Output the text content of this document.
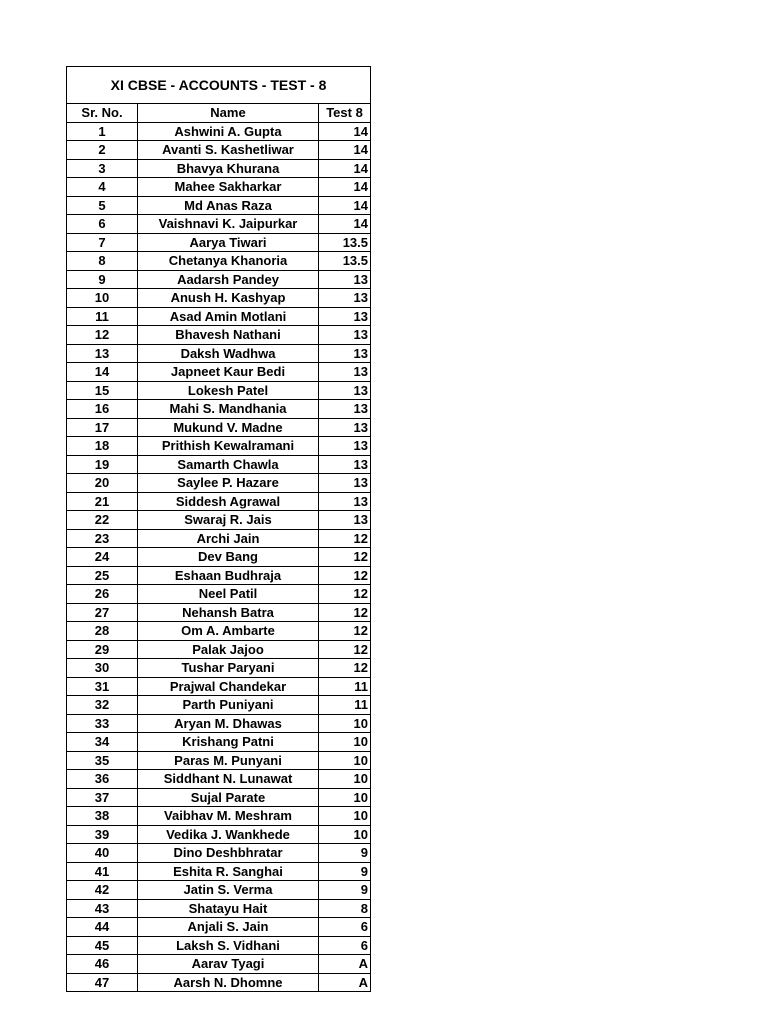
XI CBSE - ACCOUNTS - TEST - 8
Sr. No.	Name	Test 8
1	Ashwini A. Gupta	14
2	Avanti S. Kashetliwar	14
3	Bhavya Khurana	14
4	Mahee Sakharkar	14
5	Md Anas Raza	14
6	Vaishnavi K. Jaipurkar	14
7	Aarya Tiwari	13.5
8	Chetanya Khanoria	13.5
9	Aadarsh Pandey	13
10	Anush H. Kashyap	13
11	Asad Amin Motlani	13
12	Bhavesh Nathani	13
13	Daksh Wadhwa	13
14	Japneet Kaur Bedi	13
15	Lokesh Patel	13
16	Mahi S. Mandhania	13
17	Mukund V. Madne	13
18	Prithish Kewalramani	13
19	Samarth Chawla	13
20	Saylee P. Hazare	13
21	Siddesh Agrawal	13
22	Swaraj R. Jais	13
23	Archi Jain	12
24	Dev Bang	12
25	Eshaan Budhraja	12
26	Neel Patil	12
27	Nehansh Batra	12
28	Om A. Ambarte	12
29	Palak Jajoo	12
30	Tushar Paryani	12
31	Prajwal Chandekar	11
32	Parth Puniyani	11
33	Aryan M. Dhawas	10
34	Krishang Patni	10
35	Paras M. Punyani	10
36	Siddhant N. Lunawat	10
37	Sujal Parate	10
38	Vaibhav M. Meshram	10
39	Vedika J. Wankhede	10
40	Dino Deshbhratar	9
41	Eshita R. Sanghai	9
42	Jatin S. Verma	9
43	Shatayu Hait	8
44	Anjali S. Jain	6
45	Laksh S. Vidhani	6
46	Aarav Tyagi	A
47	Aarsh N. Dhomne	A
